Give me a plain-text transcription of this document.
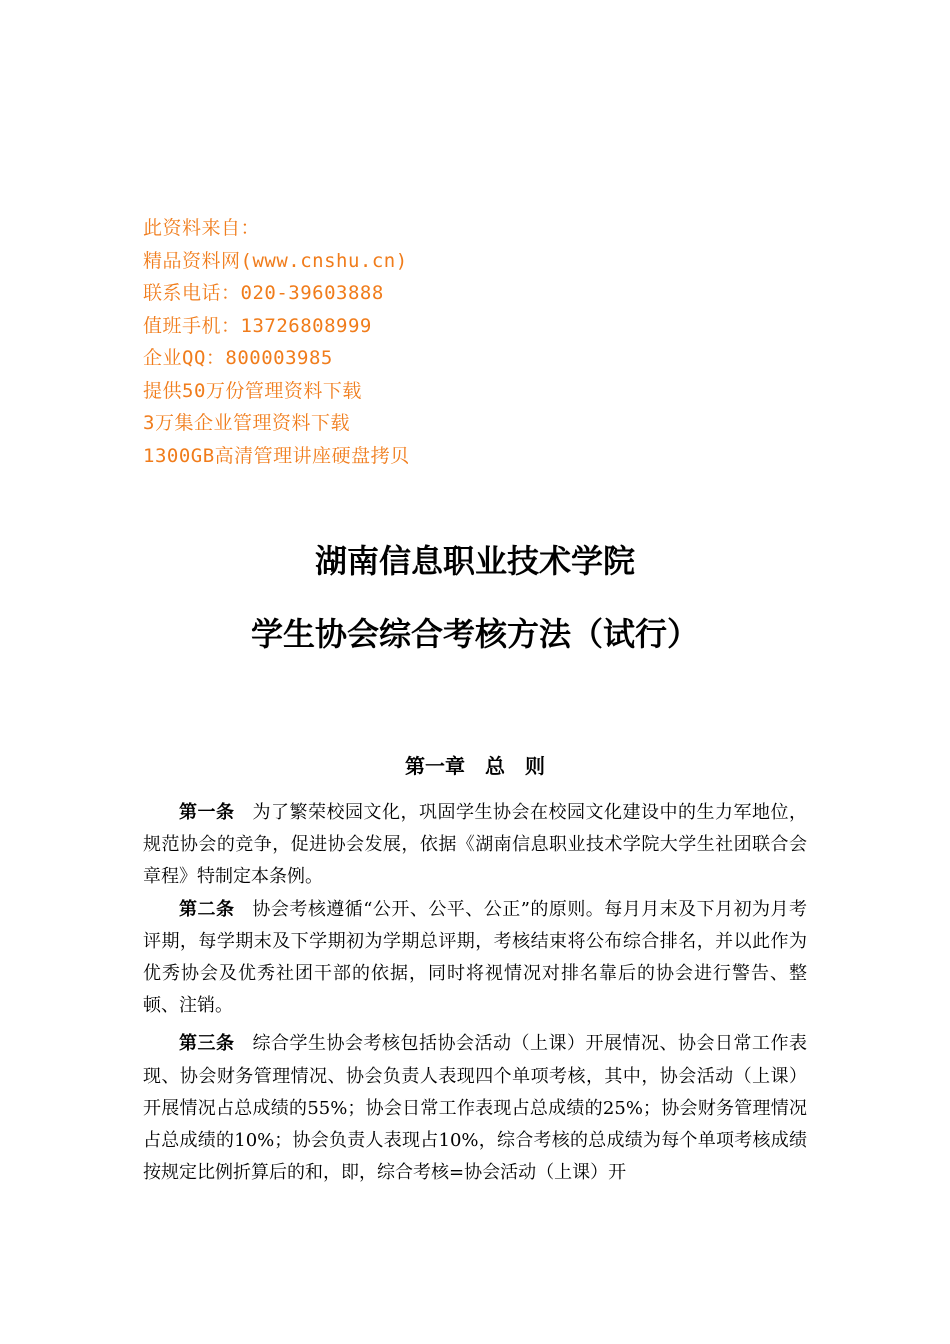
此资料来自：
精品资料网(www.cnshu.cn)
联系电话：020-39603888
值班手机：13726808999
企业QQ：800003985
提供50万份管理资料下载
3万集企业管理资料下载
1300GB高清管理讲座硬盘拷贝
湖南信息职业技术学院
学生协会综合考核方法（试行）
第一章　总　则

第一条 为了繁荣校园文化，巩固学生协会在校园文化建设中的生力军地位，规范协会的竞争，促进协会发展，依据《湖南信息职业技术学院大学生社团联合会章程》特制定本条例。

第二条 协会考核遵循“公开、公平、公正”的原则。每月月末及下月初为月考评期，每学期末及下学期初为学期总评期，考核结束将公布综合排名，并以此作为优秀协会及优秀社团干部的依据，同时将视情况对排名靠后的协会进行警告、整顿、注销。

第三条 综合学生协会考核包括协会活动（上课）开展情况、协会日常工作表现、协会财务管理情况、协会负责人表现四个单项考核，其中，协会活动（上课）开展情况占总成绩的55%；协会日常工作表现占总成绩的25%；协会财务管理情况占总成绩的10%；协会负责人表现占10%，综合考核的总成绩为每个单项考核成绩按规定比例折算后的和，即，综合考核=协会活动（上课）开
